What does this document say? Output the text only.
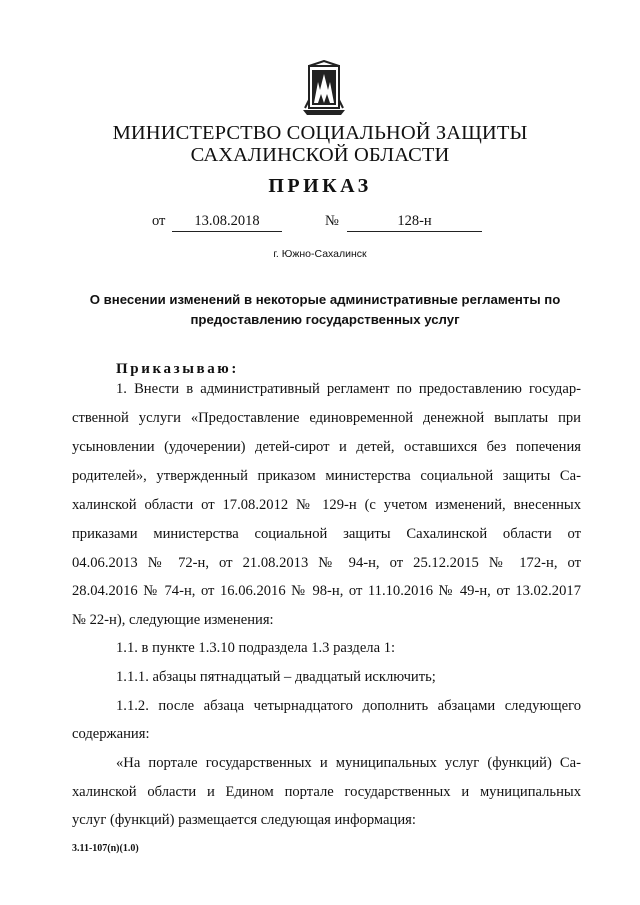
МИНИСТЕРСТВО СОЦИАЛЬНОЙ ЗАЩИТЫ
САХАЛИНСКОЙ ОБЛАСТИ
ПРИКАЗ
от	13.08.2018	№	128-н
г. Южно-Сахалинск
О внесении изменений в некоторые административные регламенты по
предоставлению государственных услуг
Приказываю:
1. Внести в административный регламент по предоставлению государ-
ственной услуги «Предоставление единовременной денежной выплаты при
усыновлении (удочерении) детей-сирот и детей, оставшихся без попечения
родителей», утвержденный приказом министерства социальной защиты Са-
халинской области от 17.08.2012 № 129-н (с учетом изменений, внесенных
приказами министерства социальной защиты Сахалинской области от
04.06.2013 № 72-н, от 21.08.2013 № 94-н, от 25.12.2015 № 172-н, от
28.04.2016 № 74-н, от 16.06.2016 № 98-н, от 11.10.2016 № 49-н, от 13.02.2017
№ 22-н), следующие изменения:
1.1. в пункте 1.3.10 подраздела 1.3 раздела 1:
1.1.1. абзацы пятнадцатый – двадцатый исключить;
1.1.2. после абзаца четырнадцатого дополнить абзацами следующего
содержания:
«На портале государственных и муниципальных услуг (функций) Са-
халинской области и Едином портале государственных и муниципальных
услуг (функций) размещается следующая информация:
3.11-107(n)(1.0)
